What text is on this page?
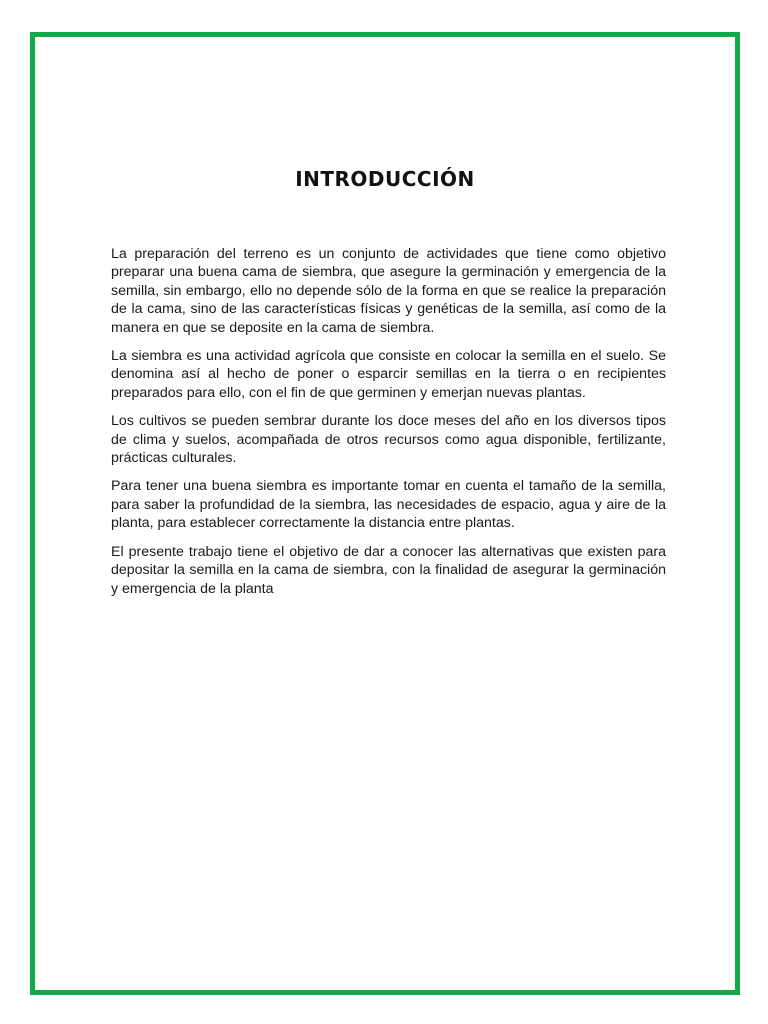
INTRODUCCIÓN

La preparación del terreno es un conjunto de actividades que tiene como objetivo preparar una buena cama de siembra, que asegure la germinación y emergencia de la semilla, sin embargo, ello no depende sólo de la forma en que se realice la preparación de la cama, sino de las características físicas y genéticas de la semilla, así como de la manera en que se deposite en la cama de siembra.

La siembra es una actividad agrícola que consiste en colocar la semilla en el suelo. Se denomina así al hecho de poner o esparcir semillas en la tierra o en recipientes preparados para ello, con el fin de que germinen y emerjan nuevas plantas.

Los cultivos se pueden sembrar durante los doce meses del año en los diversos tipos de clima y suelos, acompañada de otros recursos como agua disponible, fertilizante, prácticas culturales.

Para tener una buena siembra es importante tomar en cuenta el tamaño de la semilla, para saber la profundidad de la siembra, las necesidades de espacio, agua y aire de la planta, para establecer correctamente la distancia entre plantas.

El presente trabajo tiene el objetivo de dar a conocer las alternativas que existen para depositar la semilla en la cama de siembra, con la finalidad de asegurar la germinación y emergencia de la planta
